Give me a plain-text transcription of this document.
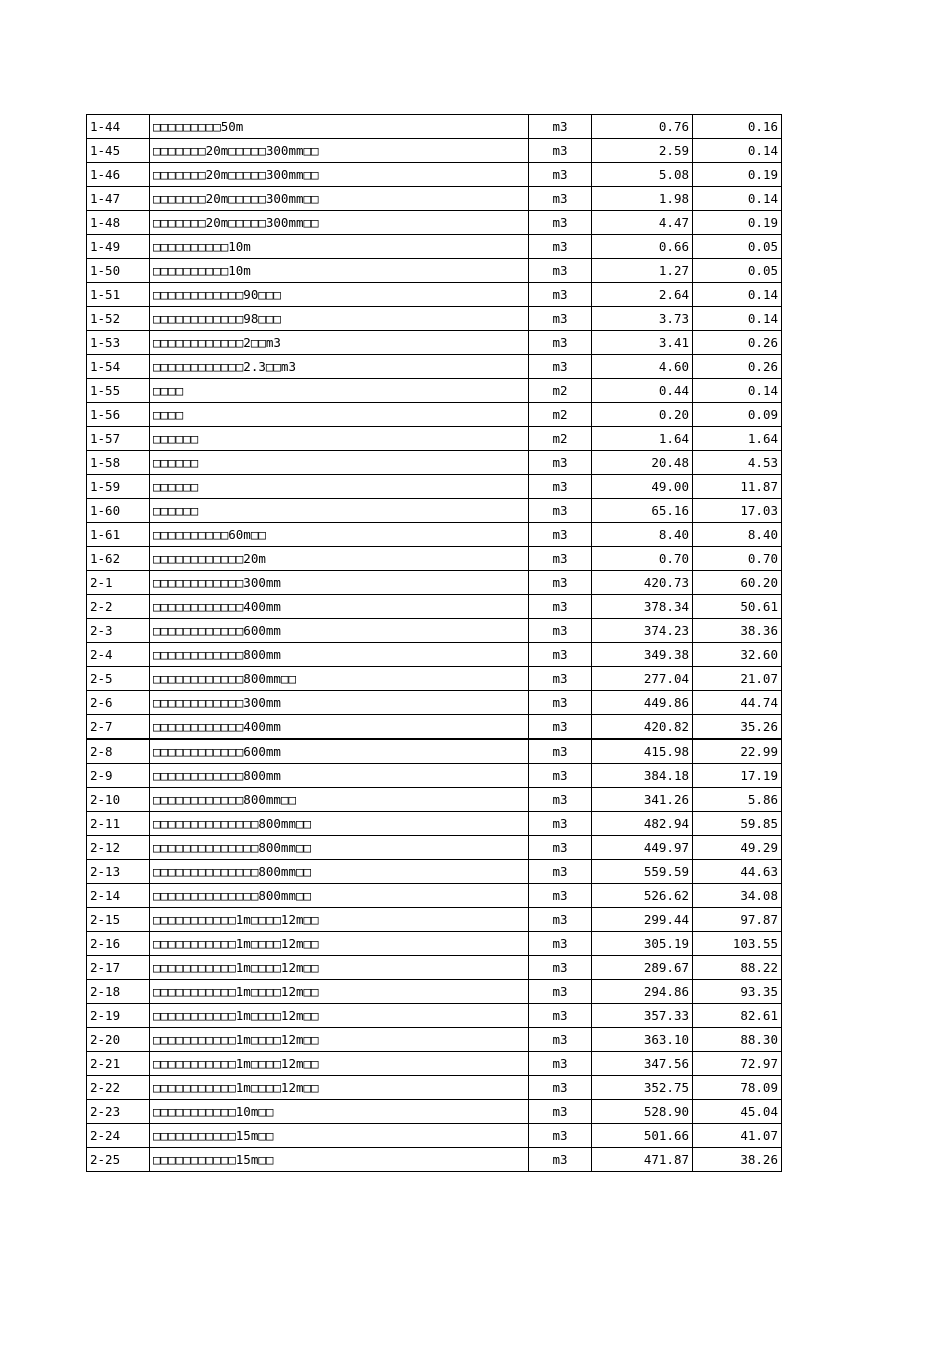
1-44	□□□□□□□□□50m	m3	0.76	0.16
1-45	□□□□□□□20m□□□□□300mm□□	m3	2.59	0.14
1-46	□□□□□□□20m□□□□□300mm□□	m3	5.08	0.19
1-47	□□□□□□□20m□□□□□300mm□□	m3	1.98	0.14
1-48	□□□□□□□20m□□□□□300mm□□	m3	4.47	0.19
1-49	□□□□□□□□□□10m	m3	0.66	0.05
1-50	□□□□□□□□□□10m	m3	1.27	0.05
1-51	□□□□□□□□□□□□90□□□	m3	2.64	0.14
1-52	□□□□□□□□□□□□98□□□	m3	3.73	0.14
1-53	□□□□□□□□□□□□2□□m3	m3	3.41	0.26
1-54	□□□□□□□□□□□□2.3□□m3	m3	4.60	0.26
1-55	□□□□	m2	0.44	0.14
1-56	□□□□	m2	0.20	0.09
1-57	□□□□□□	m2	1.64	1.64
1-58	□□□□□□	m3	20.48	4.53
1-59	□□□□□□	m3	49.00	11.87
1-60	□□□□□□	m3	65.16	17.03
1-61	□□□□□□□□□□60m□□	m3	8.40	8.40
1-62	□□□□□□□□□□□□20m	m3	0.70	0.70
2-1	□□□□□□□□□□□□300mm	m3	420.73	60.20
2-2	□□□□□□□□□□□□400mm	m3	378.34	50.61
2-3	□□□□□□□□□□□□600mm	m3	374.23	38.36
2-4	□□□□□□□□□□□□800mm	m3	349.38	32.60
2-5	□□□□□□□□□□□□800mm□□	m3	277.04	21.07
2-6	□□□□□□□□□□□□300mm	m3	449.86	44.74
2-7	□□□□□□□□□□□□400mm	m3	420.82	35.26
2-8	□□□□□□□□□□□□600mm	m3	415.98	22.99
2-9	□□□□□□□□□□□□800mm	m3	384.18	17.19
2-10	□□□□□□□□□□□□800mm□□	m3	341.26	5.86
2-11	□□□□□□□□□□□□□□800mm□□	m3	482.94	59.85
2-12	□□□□□□□□□□□□□□800mm□□	m3	449.97	49.29
2-13	□□□□□□□□□□□□□□800mm□□	m3	559.59	44.63
2-14	□□□□□□□□□□□□□□800mm□□	m3	526.62	34.08
2-15	□□□□□□□□□□□1m□□□□12m□□	m3	299.44	97.87
2-16	□□□□□□□□□□□1m□□□□12m□□	m3	305.19	103.55
2-17	□□□□□□□□□□□1m□□□□12m□□	m3	289.67	88.22
2-18	□□□□□□□□□□□1m□□□□12m□□	m3	294.86	93.35
2-19	□□□□□□□□□□□1m□□□□12m□□	m3	357.33	82.61
2-20	□□□□□□□□□□□1m□□□□12m□□	m3	363.10	88.30
2-21	□□□□□□□□□□□1m□□□□12m□□	m3	347.56	72.97
2-22	□□□□□□□□□□□1m□□□□12m□□	m3	352.75	78.09
2-23	□□□□□□□□□□□10m□□	m3	528.90	45.04
2-24	□□□□□□□□□□□15m□□	m3	501.66	41.07
2-25	□□□□□□□□□□□15m□□	m3	471.87	38.26
